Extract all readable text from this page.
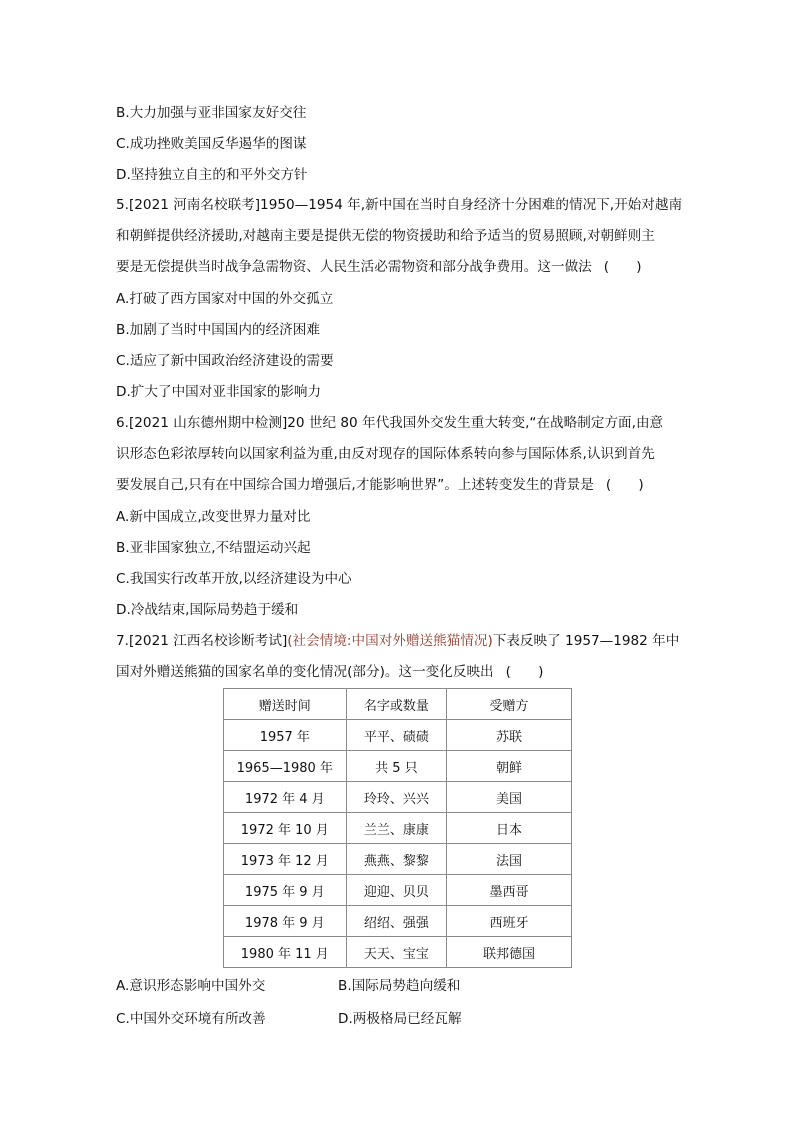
B.大力加强与亚非国家友好交往
C.成功挫败美国反华遏华的图谋
D.坚持独立自主的和平外交方针
5.[2021 河南名校联考]1950—1954 年,新中国在当时自身经济十分困难的情况下,开始对越南
和朝鲜提供经济援助,对越南主要是提供无偿的物资援助和给予适当的贸易照顾,对朝鲜则主
要是无偿提供当时战争急需物资、人民生活必需物资和部分战争费用。这一做法 (　　)
A.打破了西方国家对中国的外交孤立
B.加剧了当时中国国内的经济困难
C.适应了新中国政治经济建设的需要
D.扩大了中国对亚非国家的影响力
6.[2021 山东德州期中检测]20 世纪 80 年代我国外交发生重大转变,“在战略制定方面,由意
识形态色彩浓厚转向以国家利益为重,由反对现存的国际体系转向参与国际体系,认识到首先
要发展自己,只有在中国综合国力增强后,才能影响世界”。上述转变发生的背景是 (　　)
A.新中国成立,改变世界力量对比
B.亚非国家独立,不结盟运动兴起
C.我国实行改革开放,以经济建设为中心
D.冷战结束,国际局势趋于缓和
7.[2021 江西名校诊断考试](社会情境:中国对外赠送熊猫情况)下表反映了 1957—1982 年中
国对外赠送熊猫的国家名单的变化情况(部分)。这一变化反映出 (　　)
赠送时间	名字或数量	受赠方
1957 年	平平、碛碛	苏联
1965—1980 年	共 5 只	朝鲜
1972 年 4 月	玲玲、兴兴	美国
1972 年 10 月	兰兰、康康	日本
1973 年 12 月	燕燕、黎黎	法国
1975 年 9 月	迎迎、贝贝	墨西哥
1978 年 9 月	绍绍、强强	西班牙
1980 年 11 月	天天、宝宝	联邦德国
A.意识形态影响中国外交	B.国际局势趋向缓和
C.中国外交环境有所改善	D.两极格局已经瓦解
